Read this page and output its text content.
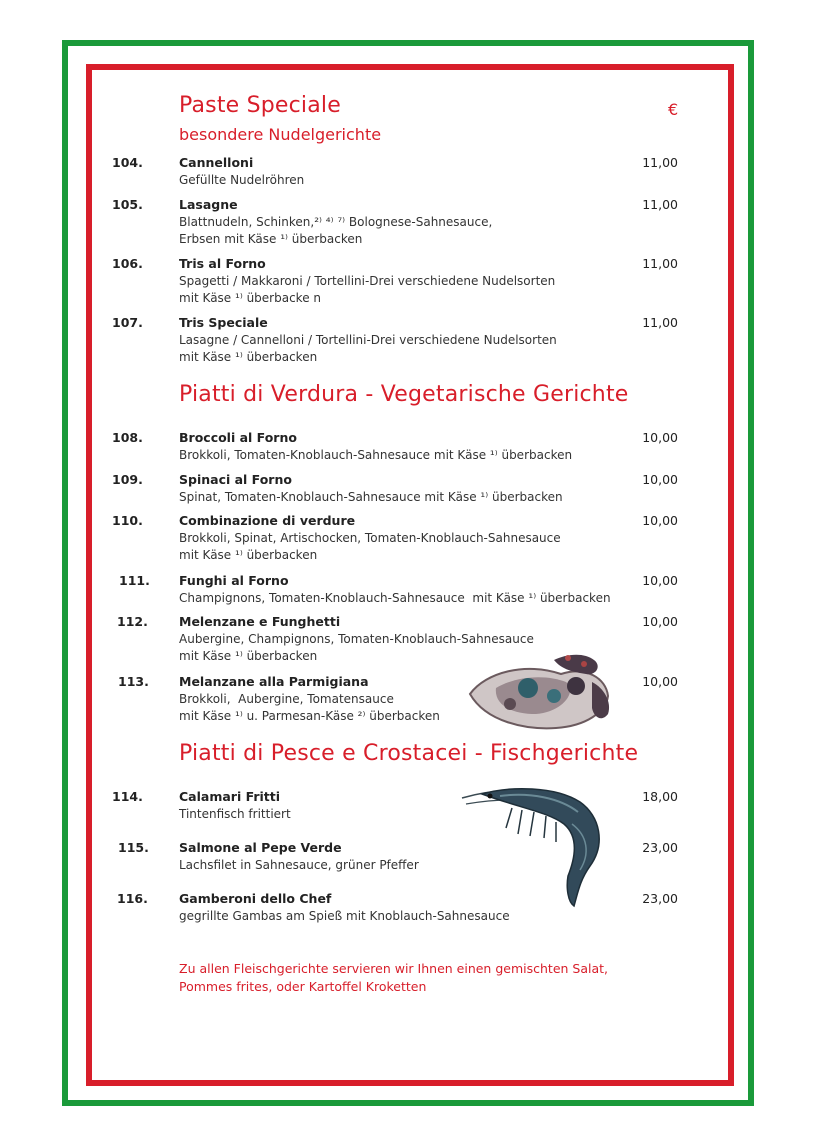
Paste Speciale	€
besondere Nudelgerichte
104.	Cannelloni	11,00
Gefüllte Nudelröhren
105.	Lasagne	11,00
Blattnudeln, Schinken,²⁾ ⁴⁾ ⁷⁾ Bolognese-Sahnesauce,
Erbsen mit Käse ¹⁾ überbacken
106.	Tris al Forno	11,00
Spagetti / Makkaroni / Tortellini-Drei verschiedene Nudelsorten
mit Käse ¹⁾ überbacke n
107.	Tris Speciale	11,00
Lasagne / Cannelloni / Tortellini-Drei verschiedene Nudelsorten
mit Käse ¹⁾ überbacken
Piatti di Verdura - Vegetarische Gerichte
108.	Broccoli al Forno	10,00
Brokkoli, Tomaten-Knoblauch-Sahnesauce mit Käse ¹⁾ überbacken
109.	Spinaci al Forno	10,00
Spinat, Tomaten-Knoblauch-Sahnesauce mit Käse ¹⁾ überbacken
110.	Combinazione di verdure	10,00
Brokkoli, Spinat, Artischocken, Tomaten-Knoblauch-Sahnesauce
mit Käse ¹⁾ überbacken
111. Funghi al Forno	10,00
Champignons, Tomaten-Knoblauch-Sahnesauce  mit Käse ¹⁾ überbacken
112. Melenzane e Funghetti	10,00
Aubergine, Champignons, Tomaten-Knoblauch-Sahnesauce
mit Käse ¹⁾ überbacken
113. Melanzane alla Parmigiana	10,00
Brokkoli,  Aubergine, Tomatensauce
mit Käse ¹⁾ u. Parmesan-Käse ²⁾ überbacken
Piatti di Pesce e Crostacei - Fischgerichte
114.	Calamari Fritti	18,00
Tintenfisch frittiert
115. Salmone al Pepe Verde	23,00
Lachsfilet in Sahnesauce, grüner Pfeffer
116. Gamberoni dello Chef	23,00
gegrillte Gambas am Spieß mit Knoblauch-Sahnesauce
Zu allen Fleischgerichte servieren wir Ihnen einen gemischten Salat,
Pommes frites, oder Kartoffel Kroketten
